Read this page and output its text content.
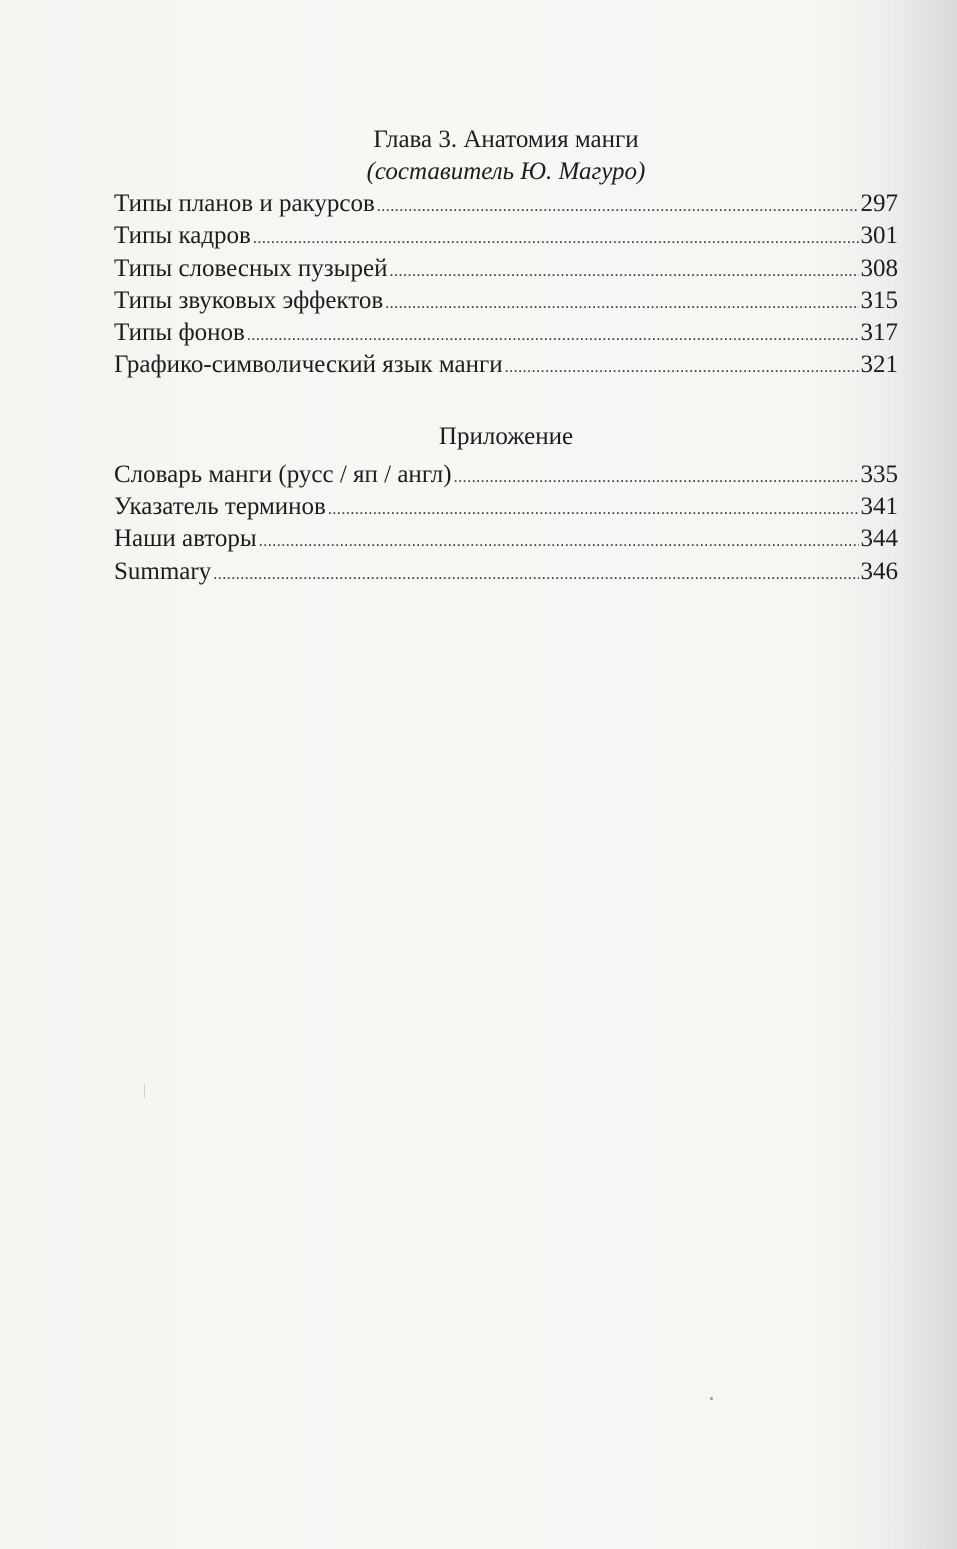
Глава 3. Анатомия манги

(составитель Ю. Магуро)

Типы планов и ракурсов .....	297
Типы кадров .....	301
Типы словесных пузырей .....	308
Типы звуковых эффектов .....	315
Типы фонов .....	317
Графико-символический язык манги .....	321

Приложение

Словарь манги (русс / яп / англ) .....	335
Указатель терминов .....	341
Наши авторы .....	344
Summary .....	346
